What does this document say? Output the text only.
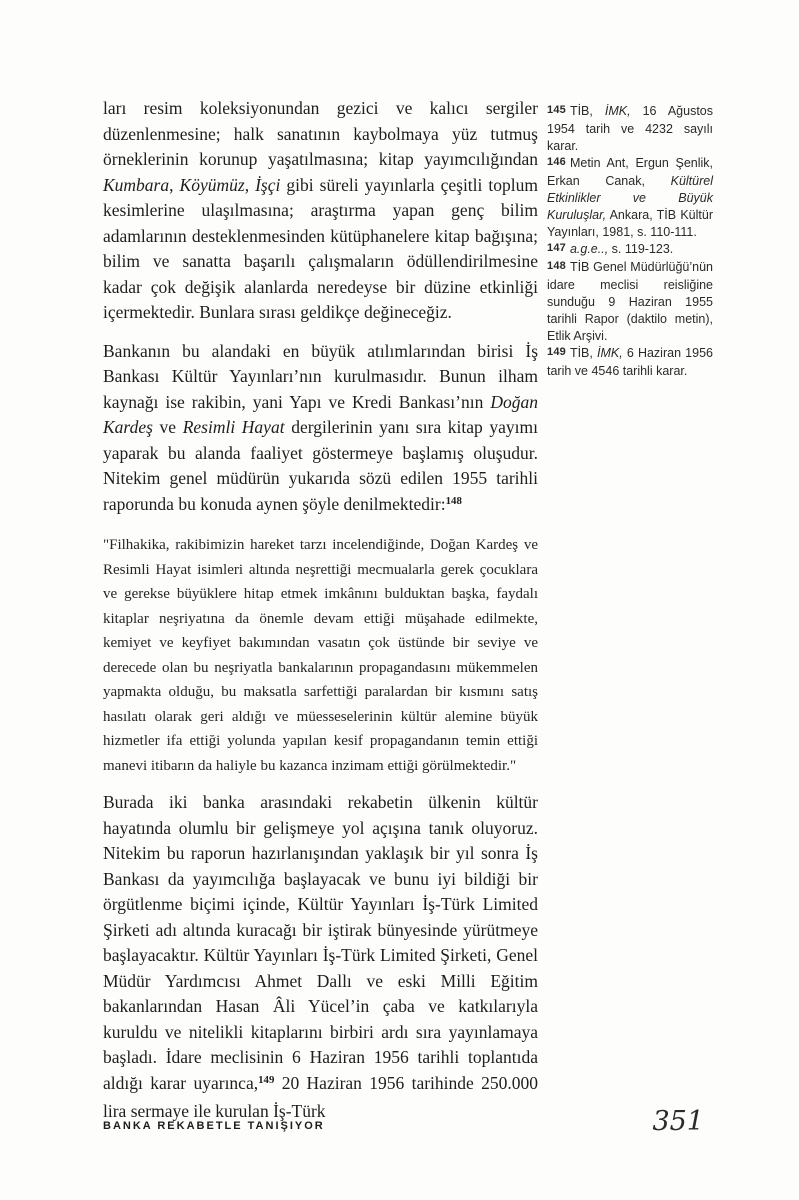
ları resim koleksiyonundan gezici ve kalıcı sergiler düzenlenmesine; halk sanatının kaybolmaya yüz tutmuş örneklerinin korunup yaşatılmasına; kitap yayımcılığından Kumbara, Köyümüz, İşçi gibi süreli yayınlarla çeşitli toplum kesimlerine ulaşılmasına; araştırma yapan genç bilim adamlarının desteklenmesinden kütüphanelere kitap bağışına; bilim ve sanatta başarılı çalışmaların ödüllendirilmesine kadar çok değişik alanlarda neredeyse bir düzine etkinliği içermektedir. Bunlara sırası geldikçe değineceğiz.

Bankanın bu alandaki en büyük atılımlarından birisi İş Bankası Kültür Yayınları’nın kurulmasıdır. Bunun ilham kaynağı ise rakibin, yani Yapı ve Kredi Bankası’nın Doğan Kardeş ve Resimli Hayat dergilerinin yanı sıra kitap yayımı yaparak bu alanda faaliyet göstermeye başlamış oluşudur. Nitekim genel müdürün yukarıda sözü edilen 1955 tarihli raporunda bu konuda aynen şöyle denilmektedir:$^{148}$

"Filhakika, rakibimizin hareket tarzı incelendiğinde, Doğan Kardeş ve Resimli Hayat isimleri altında neşrettiği mecmualarla gerek çocuklara ve gerekse büyüklere hitap etmek imkânını bulduktan başka, faydalı kitaplar neşriyatına da önemle devam ettiği müşahade edilmekte, kemiyet ve keyfiyet bakımından vasatın çok üstünde bir seviye ve derecede olan bu neşriyatla bankalarının propagandasını mükemmelen yapmakta olduğu, bu maksatla sarfettiği paralardan bir kısmını satış hasılatı olarak geri aldığı ve müesseselerinin kültür alemine büyük hizmetler ifa ettiği yolunda yapılan kesif propagandanın temin ettiği manevi itibarın da haliyle bu kazanca inzimam ettiği görülmektedir."

Burada iki banka arasındaki rekabetin ülkenin kültür hayatında olumlu bir gelişmeye yol açışına tanık oluyoruz. Nitekim bu raporun hazırlanışından yaklaşık bir yıl sonra İş Bankası da yayımcılığa başlayacak ve bunu iyi bildiği bir örgütlenme biçimi içinde, Kültür Yayınları İş-Türk Limited Şirketi adı altında kuracağı bir iştirak bünyesinde yürütmeye başlayacaktır. Kültür Yayınları İş-Türk Limited Şirketi, Genel Müdür Yardımcısı Ahmet Dallı ve eski Milli Eğitim bakanlarından Hasan Âli Yücel’in çaba ve katkılarıyla kuruldu ve nitelikli kitaplarını birbiri ardı sıra yayınlamaya başladı. İdare meclisinin 6 Haziran 1956 tarihli toplantıda aldığı karar uyarınca,$^{149}$ 20 Haziran 1956 tarihinde 250.000 lira sermaye ile kurulan İş-Türk

145 TİB, İMK, 16 Ağustos 1954 tarih ve 4232 sayılı karar.
146 Metin Ant, Ergun Şenlik, Erkan Canak, Kültürel Etkinlikler ve Büyük Kuruluşlar, Ankara, TİB Kültür Yayınları, 1981, s. 110-111.
147 a.g.e.., s. 119-123.
148 TİB Genel Müdürlüğü’nün idare meclisi reisliğine sunduğu 9 Haziran 1955 tarihli Rapor (daktilo metin), Etlik Arşivi.
149 TİB, İMK, 6 Haziran 1956 tarih ve 4546 tarihli karar.
BANKA REKABETLE TANIŞIYOR	351
